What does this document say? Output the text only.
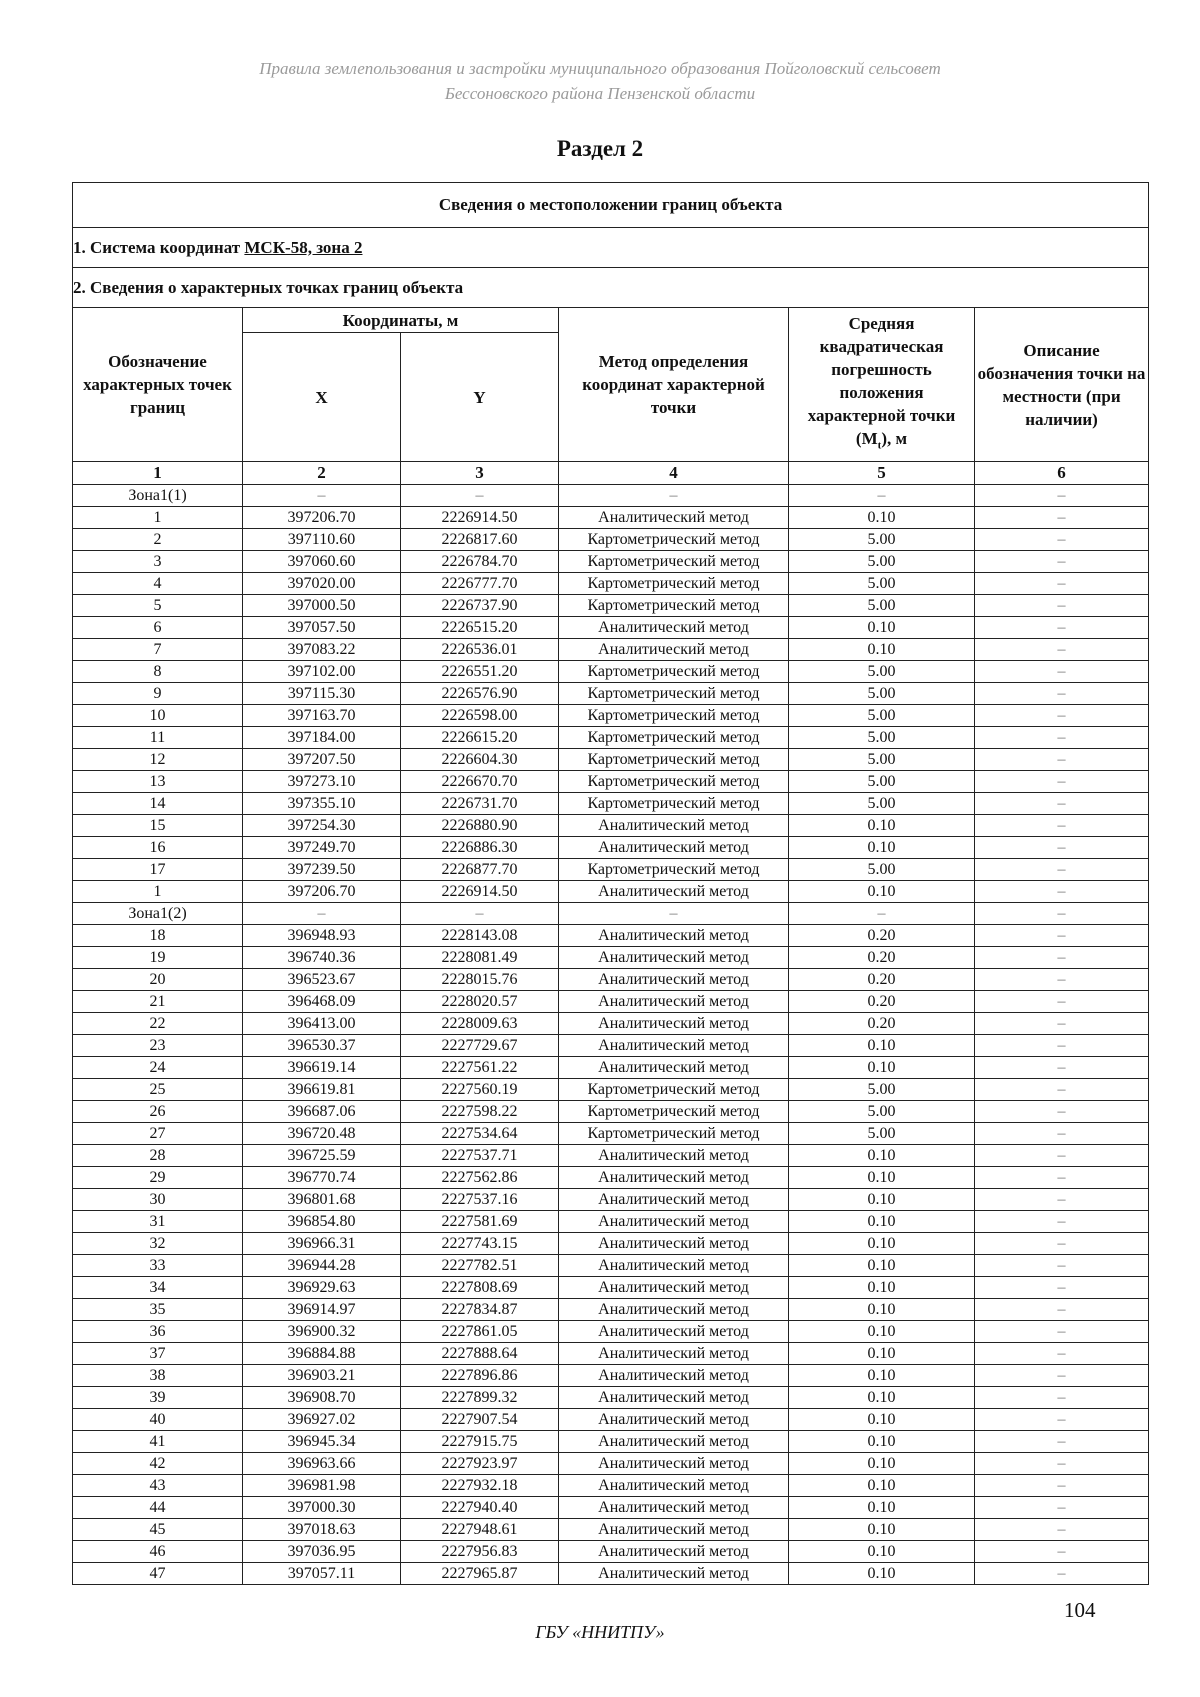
Правила землепользования и застройки муниципального образования Пойголовский сельсовет
Бессоновского района Пензенской области
Раздел 2
Сведения о местоположении границ объекта					
1. Система координат МСК-58, зона 2					
2. Сведения о характерных точках границ объекта					
Обозначение характерных точек границ	Координаты, м		Метод определения координат характерной точки	Средняя квадратическая погрешность положения характерной точки $(M_t)$, м	Описание обозначения точки на местности (при наличии)
	X	Y			
1	2	3	4	5	6
Зона1(1)	–	–	–	–	–
1	397206.70	2226914.50	Аналитический метод	0.10	–
2	397110.60	2226817.60	Картометрический метод	5.00	–
3	397060.60	2226784.70	Картометрический метод	5.00	–
4	397020.00	2226777.70	Картометрический метод	5.00	–
5	397000.50	2226737.90	Картометрический метод	5.00	–
6	397057.50	2226515.20	Аналитический метод	0.10	–
7	397083.22	2226536.01	Аналитический метод	0.10	–
8	397102.00	2226551.20	Картометрический метод	5.00	–
9	397115.30	2226576.90	Картометрический метод	5.00	–
10	397163.70	2226598.00	Картометрический метод	5.00	–
11	397184.00	2226615.20	Картометрический метод	5.00	–
12	397207.50	2226604.30	Картометрический метод	5.00	–
13	397273.10	2226670.70	Картометрический метод	5.00	–
14	397355.10	2226731.70	Картометрический метод	5.00	–
15	397254.30	2226880.90	Аналитический метод	0.10	–
16	397249.70	2226886.30	Аналитический метод	0.10	–
17	397239.50	2226877.70	Картометрический метод	5.00	–
1	397206.70	2226914.50	Аналитический метод	0.10	–
Зона1(2)	–	–	–	–	–
18	396948.93	2228143.08	Аналитический метод	0.20	–
19	396740.36	2228081.49	Аналитический метод	0.20	–
20	396523.67	2228015.76	Аналитический метод	0.20	–
21	396468.09	2228020.57	Аналитический метод	0.20	–
22	396413.00	2228009.63	Аналитический метод	0.20	–
23	396530.37	2227729.67	Аналитический метод	0.10	–
24	396619.14	2227561.22	Аналитический метод	0.10	–
25	396619.81	2227560.19	Картометрический метод	5.00	–
26	396687.06	2227598.22	Картометрический метод	5.00	–
27	396720.48	2227534.64	Картометрический метод	5.00	–
28	396725.59	2227537.71	Аналитический метод	0.10	–
29	396770.74	2227562.86	Аналитический метод	0.10	–
30	396801.68	2227537.16	Аналитический метод	0.10	–
31	396854.80	2227581.69	Аналитический метод	0.10	–
32	396966.31	2227743.15	Аналитический метод	0.10	–
33	396944.28	2227782.51	Аналитический метод	0.10	–
34	396929.63	2227808.69	Аналитический метод	0.10	–
35	396914.97	2227834.87	Аналитический метод	0.10	–
36	396900.32	2227861.05	Аналитический метод	0.10	–
37	396884.88	2227888.64	Аналитический метод	0.10	–
38	396903.21	2227896.86	Аналитический метод	0.10	–
39	396908.70	2227899.32	Аналитический метод	0.10	–
40	396927.02	2227907.54	Аналитический метод	0.10	–
41	396945.34	2227915.75	Аналитический метод	0.10	–
42	396963.66	2227923.97	Аналитический метод	0.10	–
43	396981.98	2227932.18	Аналитический метод	0.10	–
44	397000.30	2227940.40	Аналитический метод	0.10	–
45	397018.63	2227948.61	Аналитический метод	0.10	–
46	397036.95	2227956.83	Аналитический метод	0.10	–
47	397057.11	2227965.87	Аналитический метод	0.10	–
104
ГБУ «ННИТПУ»
